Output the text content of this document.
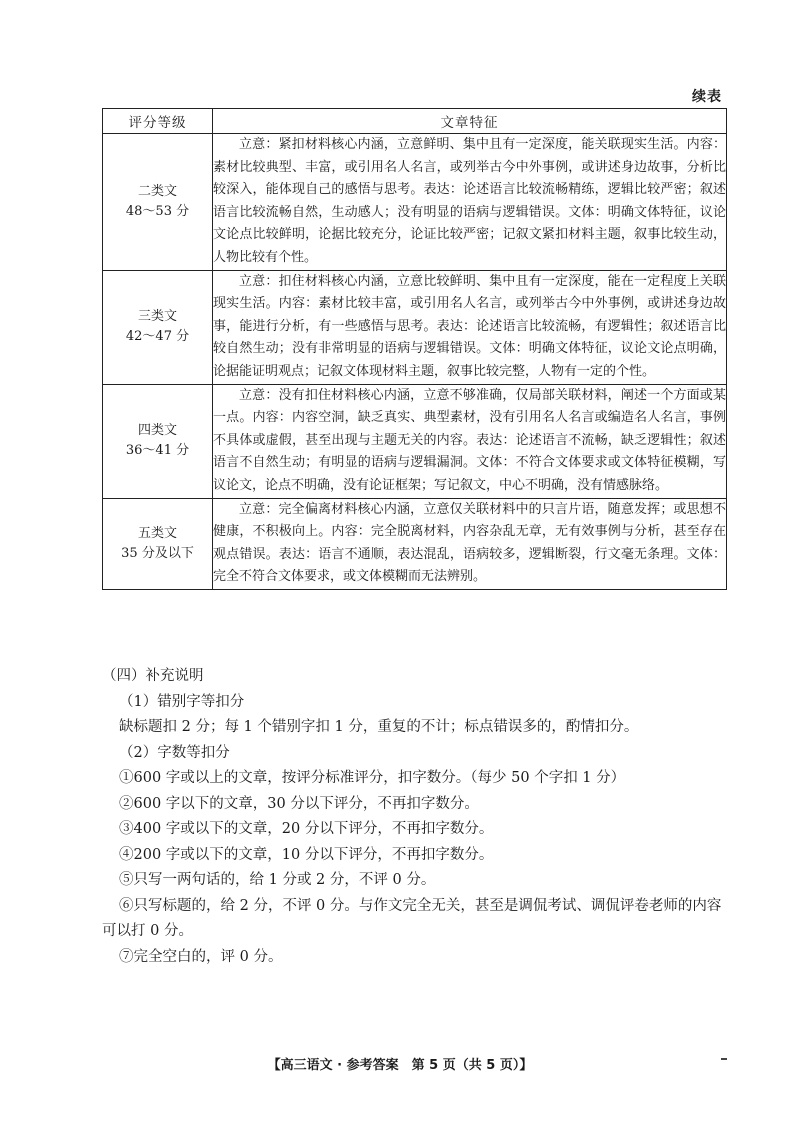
续表
评分等级	文章特征

二类文
48～53 分	立意：紧扣材料核心内涵，立意鲜明、集中且有一定深度，能关联现实生活。内容：素材比较典型、丰富，或引用名人名言，或列举古今中外事例，或讲述身边故事，分析比较深入，能体现自己的感悟与思考。表达：论述语言比较流畅精练，逻辑比较严密；叙述语言比较流畅自然，生动感人；没有明显的语病与逻辑错误。文体：明确文体特征，议论文论点比较鲜明，论据比较充分，论证比较严密；记叙文紧扣材料主题，叙事比较生动，人物比较有个性。

三类文
42～47 分	立意：扣住材料核心内涵，立意比较鲜明、集中且有一定深度，能在一定程度上关联现实生活。内容：素材比较丰富，或引用名人名言，或列举古今中外事例，或讲述身边故事，能进行分析，有一些感悟与思考。表达：论述语言比较流畅，有逻辑性；叙述语言比较自然生动；没有非常明显的语病与逻辑错误。文体：明确文体特征，议论文论点明确，论据能证明观点；记叙文体现材料主题，叙事比较完整，人物有一定的个性。

四类文
36～41 分	立意：没有扣住材料核心内涵，立意不够准确，仅局部关联材料，阐述一个方面或某一点。内容：内容空洞，缺乏真实、典型素材，没有引用名人名言或编造名人名言，事例不具体或虚假，甚至出现与主题无关的内容。表达：论述语言不流畅，缺乏逻辑性；叙述语言不自然生动；有明显的语病与逻辑漏洞。文体：不符合文体要求或文体特征模糊，写议论文，论点不明确，没有论证框架；写记叙文，中心不明确，没有情感脉络。

五类文
35 分及以下	立意：完全偏离材料核心内涵，立意仅关联材料中的只言片语，随意发挥；或思想不健康，不积极向上。内容：完全脱离材料，内容杂乱无章，无有效事例与分析，甚至存在观点错误。表达：语言不通顺，表达混乱，语病较多，逻辑断裂，行文毫无条理。文体：完全不符合文体要求，或文体模糊而无法辨别。

（四）补充说明

（1）错别字等扣分

缺标题扣 2 分；每 1 个错别字扣 1 分，重复的不计；标点错误多的，酌情扣分。

（2）字数等扣分

①600 字或以上的文章，按评分标准评分，扣字数分。（每少 50 个字扣 1 分）

②600 字以下的文章，30 分以下评分，不再扣字数分。

③400 字或以下的文章，20 分以下评分，不再扣字数分。

④200 字或以下的文章，10 分以下评分，不再扣字数分。

⑤只写一两句话的，给 1 分或 2 分，不评 0 分。

⑥只写标题的，给 2 分，不评 0 分。与作文完全无关，甚至是调侃考试、调侃评卷老师的内容可以打 0 分。

⑦完全空白的，评 0 分。

【高三语文 · 参考答案　第 5 页（共 5 页）】
